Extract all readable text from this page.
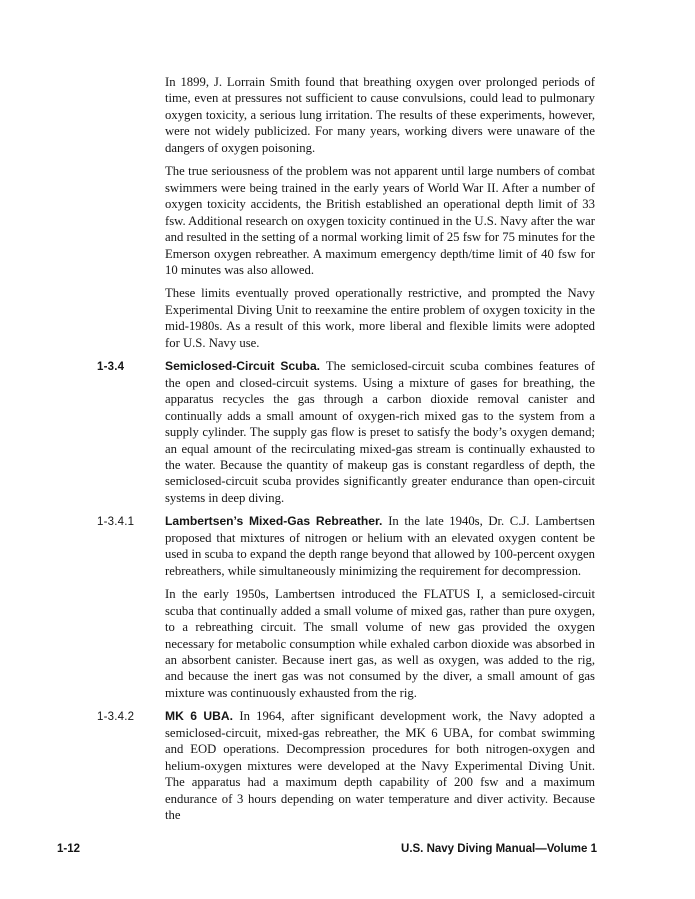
In 1899, J. Lorrain Smith found that breathing oxygen over prolonged periods of time, even at pressures not sufficient to cause convulsions, could lead to pulmonary oxygen toxicity, a serious lung irritation. The results of these experiments, however, were not widely publicized. For many years, working divers were unaware of the dangers of oxygen poisoning.

The true seriousness of the problem was not apparent until large numbers of combat swimmers were being trained in the early years of World War II. After a number of oxygen toxicity accidents, the British established an operational depth limit of 33 fsw. Additional research on oxygen toxicity continued in the U.S. Navy after the war and resulted in the setting of a normal working limit of 25 fsw for 75 minutes for the Emerson oxygen rebreather. A maximum emergency depth/time limit of 40 fsw for 10 minutes was also allowed.

These limits eventually proved operationally restrictive, and prompted the Navy Experimental Diving Unit to reexamine the entire problem of oxygen toxicity in the mid-1980s. As a result of this work, more liberal and flexible limits were adopted for U.S. Navy use.

1-3.4	Semiclosed-Circuit Scuba. The semiclosed-circuit scuba combines features of the open and closed-circuit systems. Using a mixture of gases for breathing, the apparatus recycles the gas through a carbon dioxide removal canister and continually adds a small amount of oxygen-rich mixed gas to the system from a supply cylinder. The supply gas flow is preset to satisfy the body’s oxygen demand; an equal amount of the recirculating mixed-gas stream is continually exhausted to the water. Because the quantity of makeup gas is constant regardless of depth, the semiclosed-circuit scuba provides significantly greater endurance than open-circuit systems in deep diving.

1-3.4.1	Lambertsen’s Mixed-Gas Rebreather. In the late 1940s, Dr. C.J. Lambertsen proposed that mixtures of nitrogen or helium with an elevated oxygen content be used in scuba to expand the depth range beyond that allowed by 100-percent oxygen rebreathers, while simultaneously minimizing the requirement for decompression.

In the early 1950s, Lambertsen introduced the FLATUS I, a semiclosed-circuit scuba that continually added a small volume of mixed gas, rather than pure oxygen, to a rebreathing circuit. The small volume of new gas provided the oxygen necessary for metabolic consumption while exhaled carbon dioxide was absorbed in an absorbent canister. Because inert gas, as well as oxygen, was added to the rig, and because the inert gas was not consumed by the diver, a small amount of gas mixture was continuously exhausted from the rig.

1-3.4.2	MK 6 UBA. In 1964, after significant development work, the Navy adopted a semiclosed-circuit, mixed-gas rebreather, the MK 6 UBA, for combat swimming and EOD operations. Decompression procedures for both nitrogen-oxygen and helium-oxygen mixtures were developed at the Navy Experimental Diving Unit. The apparatus had a maximum depth capability of 200 fsw and a maximum endurance of 3 hours depending on water temperature and diver activity. Because the

1-12	U.S. Navy Diving Manual—Volume 1
